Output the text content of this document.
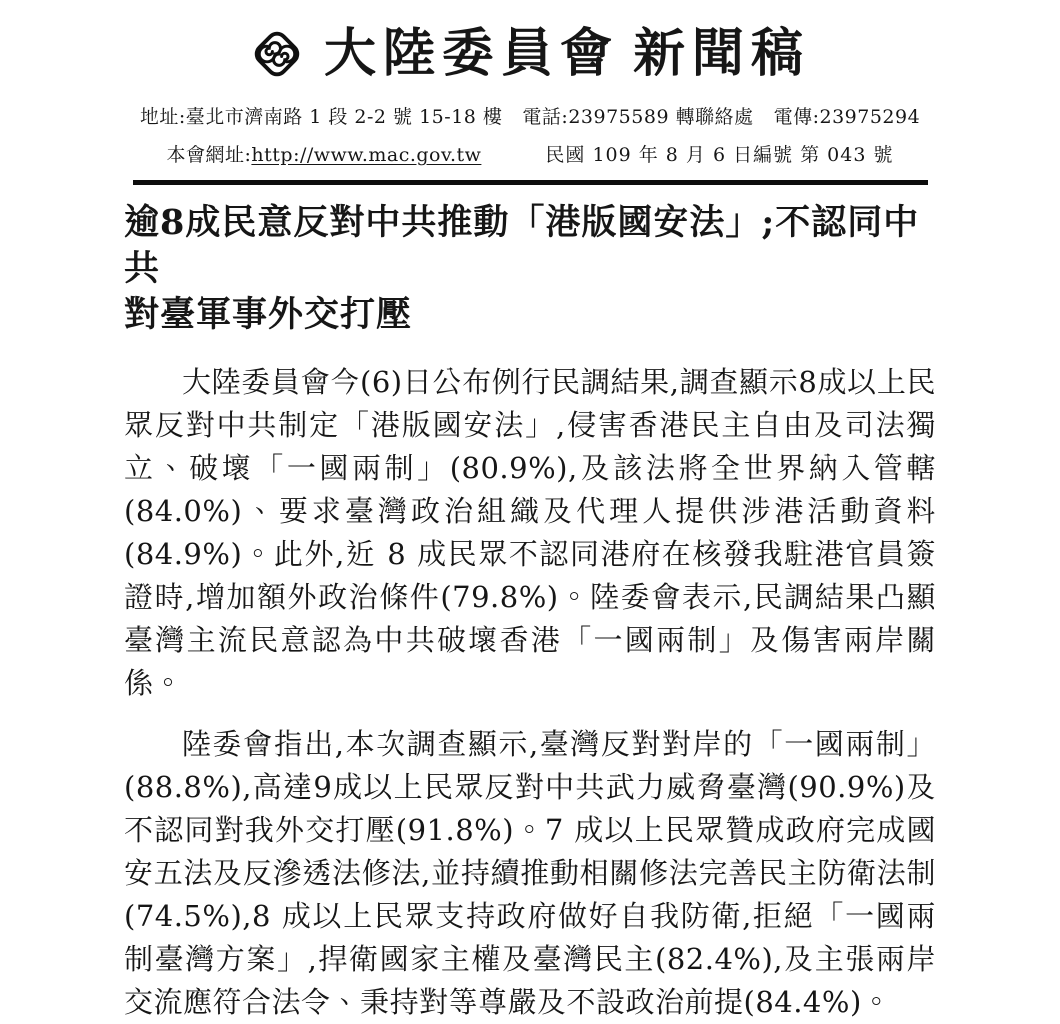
大陸委員會 新聞稿
地址:臺北市濟南路 1 段 2-2 號 15-18 樓 電話:23975589 轉聯絡處 電傳:23975294
本會網址:http://www.mac.gov.tw	民國 109 年 8 月 6 日編號 第 043 號
逾8成民意反對中共推動「港版國安法」;不認同中共
對臺軍事外交打壓

大陸委員會今(6)日公布例行民調結果,調查顯示8成以上民眾反對中共制定「港版國安法」,侵害香港民主自由及司法獨立、破壞「一國兩制」(80.9%),及該法將全世界納入管轄(84.0%)、要求臺灣政治組織及代理人提供涉港活動資料(84.9%)。此外,近 8 成民眾不認同港府在核發我駐港官員簽證時,增加額外政治條件(79.8%)。陸委會表示,民調結果凸顯臺灣主流民意認為中共破壞香港「一國兩制」及傷害兩岸關係。

陸委會指出,本次調查顯示,臺灣反對對岸的「一國兩制」(88.8%),高達9成以上民眾反對中共武力威脅臺灣(90.9%)及不認同對我外交打壓(91.8%)。7 成以上民眾贊成政府完成國安五法及反滲透法修法,並持續推動相關修法完善民主防衛法制(74.5%),8 成以上民眾支持政府做好自我防衛,拒絕「一國兩制臺灣方案」,捍衛國家主權及臺灣民主(82.4%),及主張兩岸交流應符合法令、秉持對等尊嚴及不設政治前提(84.4%)。
